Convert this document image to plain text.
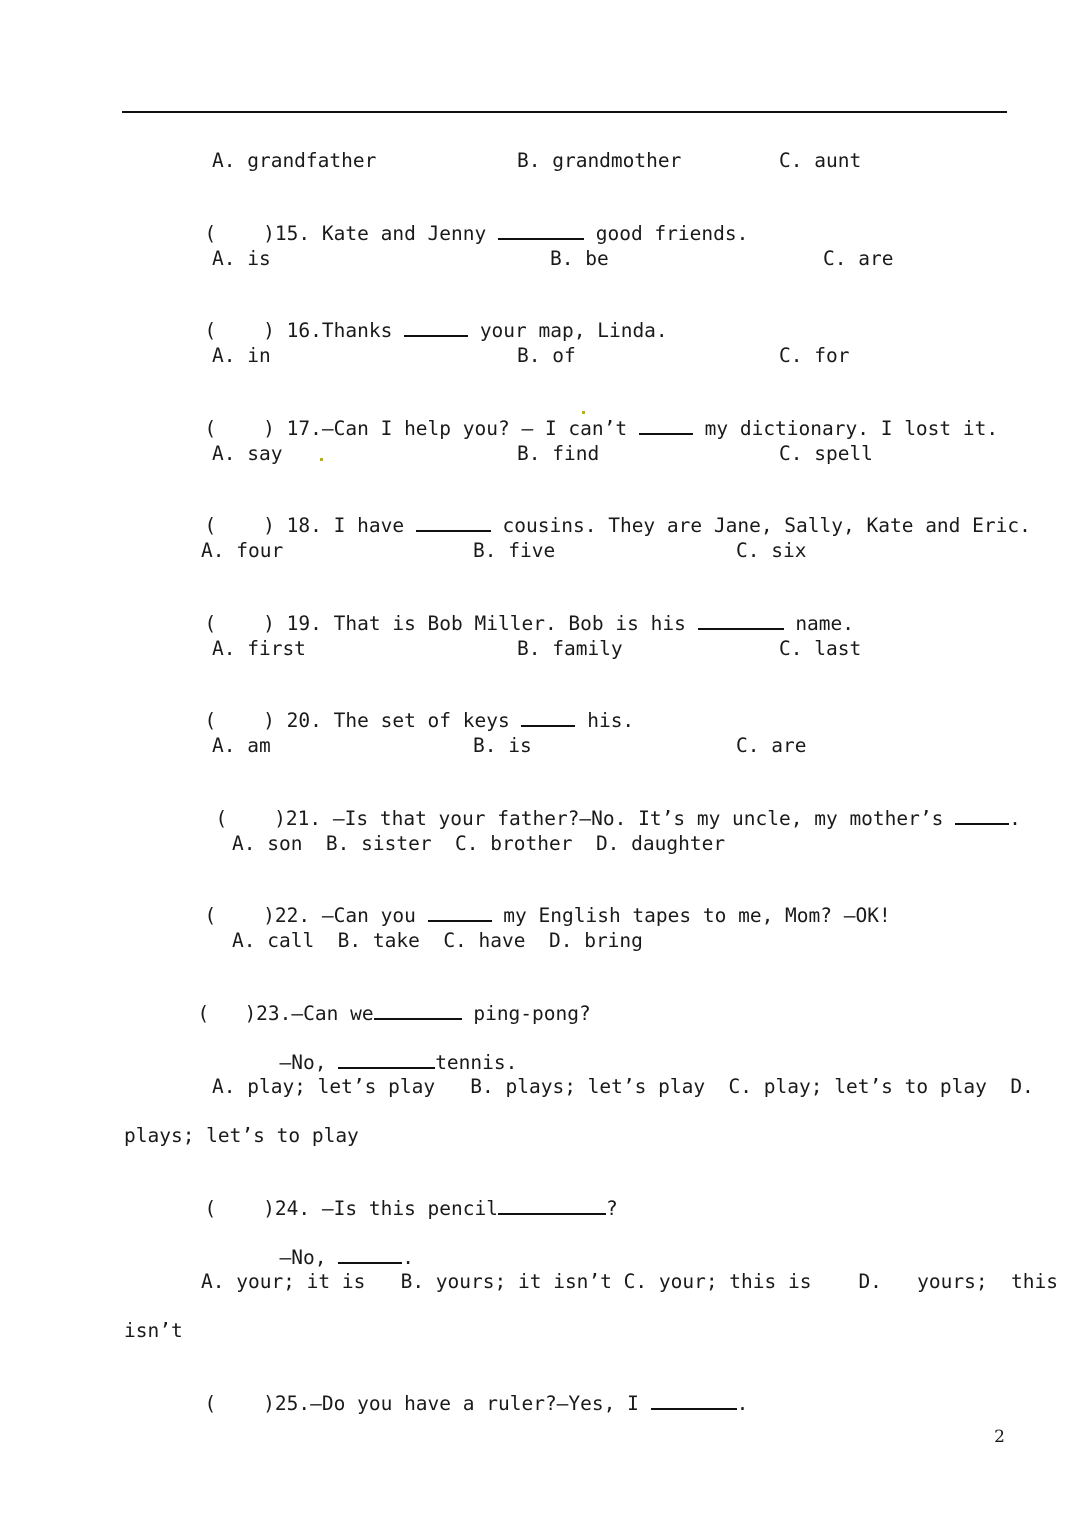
A. grandfather	B. grandmother	C. aunt

(    )15. Kate and Jenny	good friends.

A. is	B. be	C. are

(    ) 16.Thanks	your map, Linda.

A. in	B. of	C. for

(    ) 17.—Can I help you? — I can’t	my dictionary. I lost it.

A. say	B. find	C. spell

(    ) 18. I have	cousins. They are Jane, Sally, Kate and Eric.

A. four	B. five	C. six

(    ) 19. That is Bob Miller. Bob is his	name.

A. first	B. family	C. last

(    ) 20. The set of keys	his.

A. am	B. is	C. are

(    )21. —Is that your father?—No. It’s my uncle, my mother’s	.

A. son  B. sister  C. brother  D. daughter

(    )22. —Can you	my English tapes to me, Mom? —OK!

A. call  B. take  C. have  D. bring

(   )23.—Can we	ping-pong?

—No,	tennis.

A. play; let’s play   B. plays; let’s play  C. play; let’s to play  D.
plays; let’s to play

(    )24. —Is this pencil	?

—No,	.

A. your; it is   B. yours; it isn’t C. your; this is    D.   yours;  this
isn’t

(    )25.—Do you have a ruler?—Yes, I	.

2
